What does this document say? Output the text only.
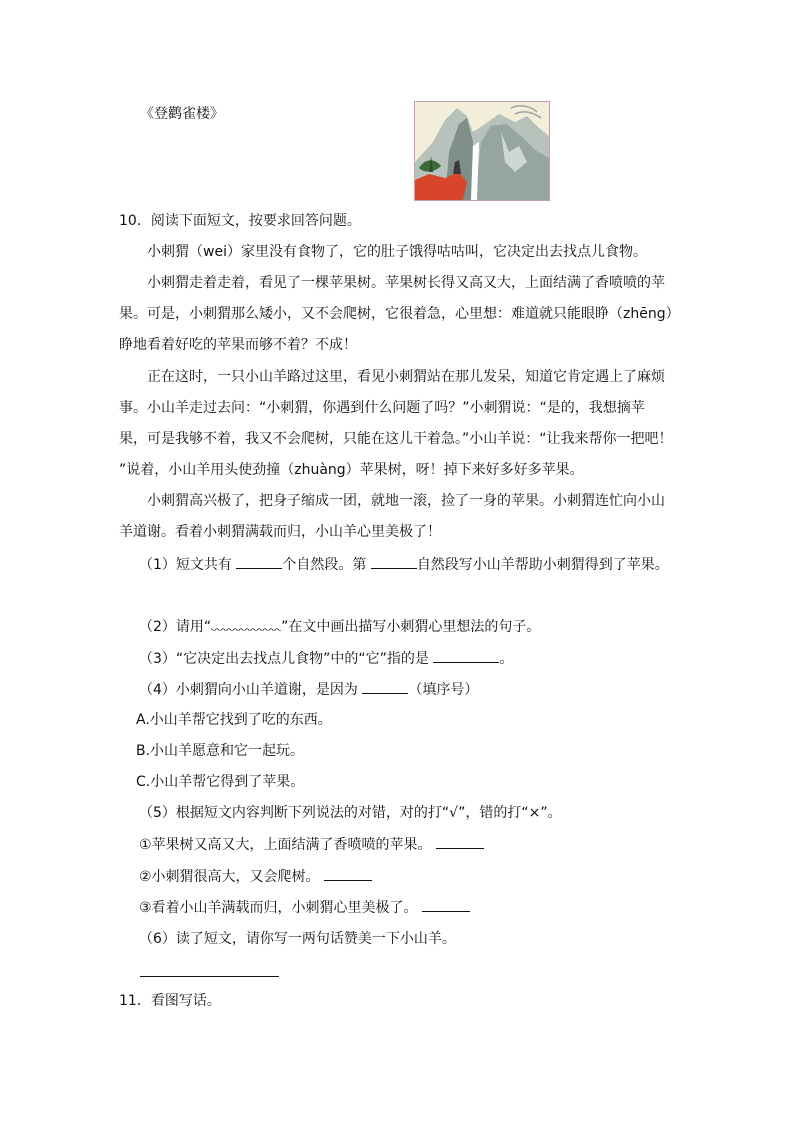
《登鹳雀楼》
10．阅读下面短文，按要求回答问题。
小刺猬（wei）家里没有食物了，它的肚子饿得咕咕叫，它决定出去找点儿食物。
小刺猬走着走着，看见了一棵苹果树。苹果树长得又高又大，上面结满了香喷喷的苹
果。可是，小刺猬那么矮小，又不会爬树，它很着急，心里想：难道就只能眼睁（zhēng）
睁地看着好吃的苹果而够不着？不成！
正在这时，一只小山羊路过这里，看见小刺猬站在那儿发呆，知道它肯定遇上了麻烦
事。小山羊走过去问：“小刺猬，你遇到什么问题了吗？”小刺猬说：“是的，我想摘苹
果，可是我够不着，我又不会爬树，只能在这儿干着急。”小山羊说：“让我来帮你一把吧！
”说着，小山羊用头使劲撞（zhuàng）苹果树，呀！掉下来好多好多苹果。
小刺猬高兴极了，把身子缩成一团，就地一滚，捡了一身的苹果。小刺猬连忙向小山
羊道谢。看着小刺猬满载而归，小山羊心里美极了！
（1）短文共有	个自然段。第	自然段写小山羊帮助小刺猬得到了苹果。
（2）请用“	”在文中画出描写小刺猬心里想法的句子。
（3）“它决定出去找点儿食物”中的“它”指的是	。
（4）小刺猬向小山羊道谢，是因为	（填序号）
A.小山羊帮它找到了吃的东西。
B.小山羊愿意和它一起玩。
C.小山羊帮它得到了苹果。
（5）根据短文内容判断下列说法的对错，对的打“√”，错的打“×”。
①苹果树又高又大，上面结满了香喷喷的苹果。
②小刺猬很高大，又会爬树。
③看着小山羊满载而归，小刺猬心里美极了。
（6）读了短文，请你写一两句话赞美一下小山羊。
11．看图写话。
